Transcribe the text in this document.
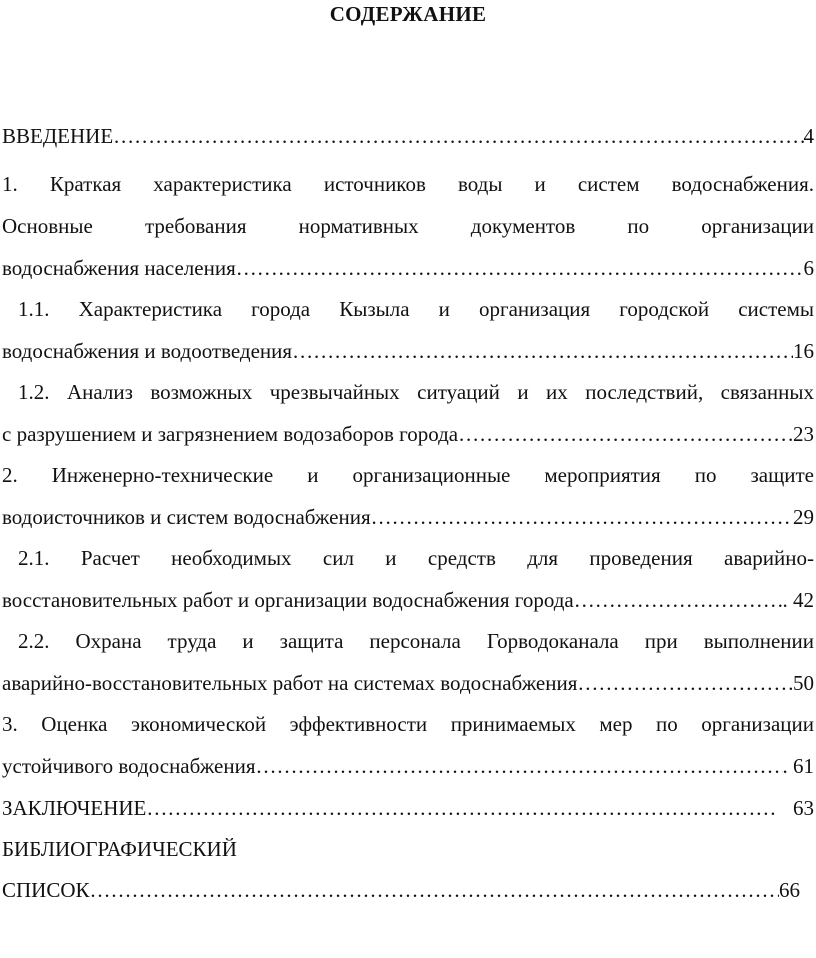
СОДЕРЖАНИЕ
ВВЕДЕНИЕ ……………………………………………………………………………………………………………………………………………………………………………………	4
1. Краткая характеристика источников воды и систем водоснабжения.
Основные требования нормативных документов по организации
водоснабжения населения ……………………………………………………………………………………………………………………………………………………………………………………	6
1.1. Характеристика города Кызыла и организация городской системы
водоснабжения и водоотведения ……………………………………………………………………………………………………………………………………………………………………………………	16
1.2. Анализ возможных чрезвычайных ситуаций и их последствий, связанных
с разрушением и загрязнением водозаборов города ……………………………………………………………………………………………………………………………………………………………………………………	23
2. Инженерно-технические и организационные мероприятия по защите
водоисточников и систем водоснабжения ……………………………………………………………………………………………………………………………………………………………………………………	29
2.1. Расчет необходимых сил и средств для проведения аварийно-
восстановительных работ и организации водоснабжения города ……………………………………………………………………………………………………………………………………………………………………………………	. 42
2.2. Охрана труда и защита персонала Горводоканала при выполнении
аварийно-восстановительных работ на системах водоснабжения ……………………………………………………………………………………………………………………………………………………………………………………	50
3. Оценка экономической эффективности принимаемых мер по организации
устойчивого водоснабжения ……………………………………………………………………………………………………………………………………………………………………………………	. 61
ЗАКЛЮЧЕНИЕ ……………………………………………………………………………………………………………………………………………………………………………………	63
БИБЛИОГРАФИЧЕСКИЙ
СПИСОК ……………………………………………………………………………………………………………………………………………………………………………………	66
